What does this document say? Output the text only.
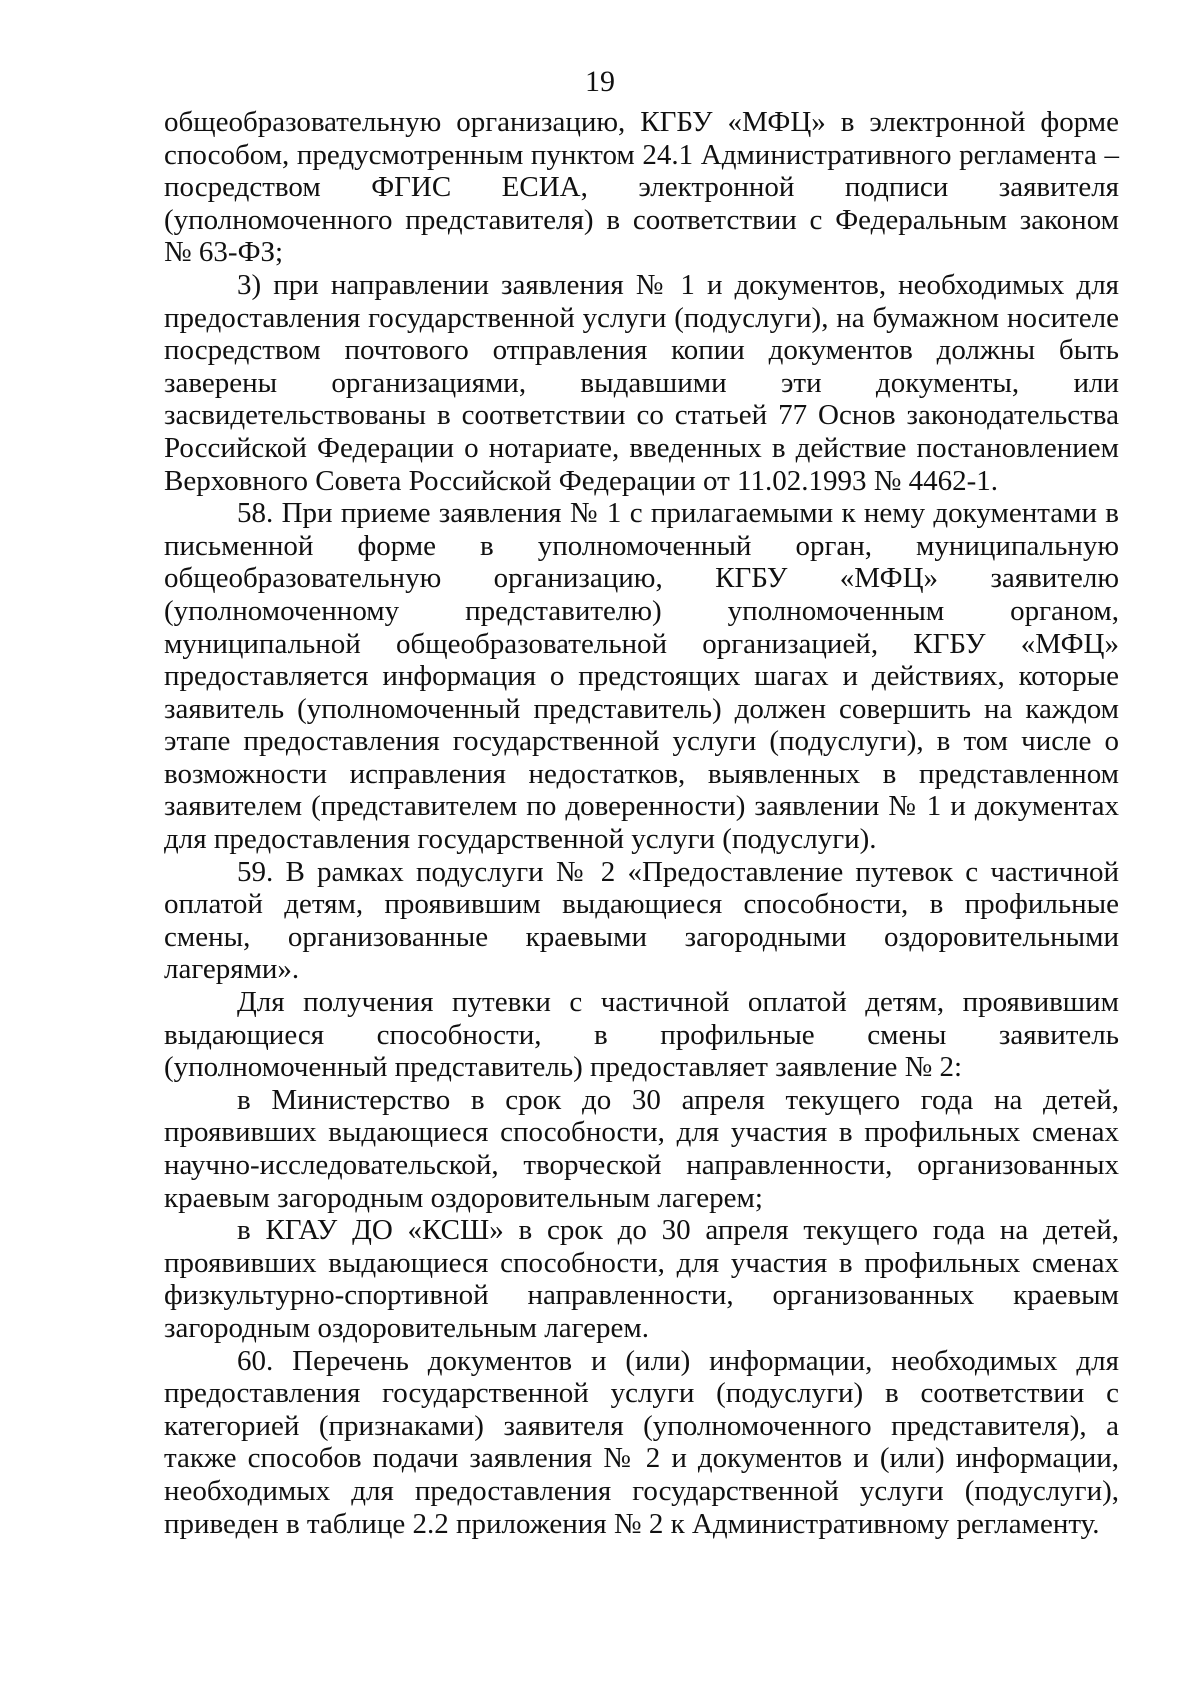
19

общеобразовательную организацию, КГБУ «МФЦ» в электронной форме способом, предусмотренным пунктом 24.1 Административного регламента – посредством ФГИС ЕСИА, электронной подписи заявителя (уполномоченного представителя) в соответствии с Федеральным законом № 63-ФЗ;

3) при направлении заявления № 1 и документов, необходимых для предоставления государственной услуги (подуслуги), на бумажном носителе посредством почтового отправления копии документов должны быть заверены организациями, выдавшими эти документы, или засвидетельствованы в соответствии со статьей 77 Основ законодательства Российской Федерации о нотариате, введенных в действие постановлением Верховного Совета Российской Федерации от 11.02.1993 № 4462-1.

58. При приеме заявления № 1 с прилагаемыми к нему документами в письменной форме в уполномоченный орган, муниципальную общеобразовательную организацию, КГБУ «МФЦ» заявителю (уполномоченному представителю) уполномоченным органом, муниципальной общеобразовательной организацией, КГБУ «МФЦ» предоставляется информация о предстоящих шагах и действиях, которые заявитель (уполномоченный представитель) должен совершить на каждом этапе предоставления государственной услуги (подуслуги), в том числе о возможности исправления недостатков, выявленных в представленном заявителем (представителем по доверенности) заявлении № 1 и документах для предоставления государственной услуги (подуслуги).

59. В рамках подуслуги № 2 «Предоставление путевок с частичной оплатой детям, проявившим выдающиеся способности, в профильные смены, организованные краевыми загородными оздоровительными лагерями».

Для получения путевки с частичной оплатой детям, проявившим выдающиеся способности, в профильные смены заявитель (уполномоченный представитель) предоставляет заявление № 2:

в Министерство в срок до 30 апреля текущего года на детей, проявивших выдающиеся способности, для участия в профильных сменах научно-исследовательской, творческой направленности, организованных краевым загородным оздоровительным лагерем;

в КГАУ ДО «КСШ» в срок до 30 апреля текущего года на детей, проявивших выдающиеся способности, для участия в профильных сменах физкультурно-спортивной направленности, организованных краевым загородным оздоровительным лагерем.

60. Перечень документов и (или) информации, необходимых для предоставления государственной услуги (подуслуги) в соответствии с категорией (признаками) заявителя (уполномоченного представителя), а также способов подачи заявления № 2 и документов и (или) информации, необходимых для предоставления государственной услуги (подуслуги), приведен в таблице 2.2 приложения № 2 к Административному регламенту.
